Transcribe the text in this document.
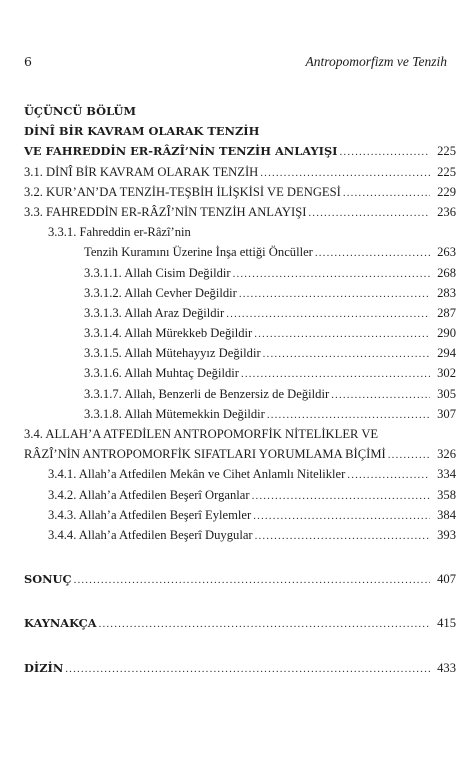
6	Antropomorfizm ve Tenzih
ÜÇÜNCÜ BÖLÜM
DİNÎ BİR KAVRAM OLARAK TENZİH
VE FAHREDDİN ER-RÂZÎ’NİN TENZİH ANLAYIŞI . . .	225
3.1. DİNÎ BİR KAVRAM OLARAK TENZİH . . .	225
3.2. KUR’AN’DA TENZİH-TEŞBİH İLİŞKİSİ VE DENGESİ . . .	229
3.3. FAHREDDİN ER-RÂZÎ’NİN TENZİH ANLAYIŞI . . .	236
3.3.1. Fahreddin er-Râzî’nin
Tenzih Kuramını Üzerine İnşa ettiği Öncüller . . .	263
3.3.1.1. Allah Cisim Değildir . . .	268
3.3.1.2. Allah Cevher Değildir . . .	283
3.3.1.3. Allah Araz Değildir . . .	287
3.3.1.4. Allah Mürekkeb Değildir . . .	290
3.3.1.5. Allah Mütehayyız Değildir . . .	294
3.3.1.6. Allah Muhtaç Değildir . . .	302
3.3.1.7. Allah, Benzerli de Benzersiz de Değildir . . .	305
3.3.1.8. Allah Mütemekkin Değildir . . .	307
3.4. ALLAH’A ATFEDİLEN ANTROPOMORFİK NİTELİKLER VE
RÂZÎ’NİN ANTROPOMORFİK SIFATLARI YORUMLAMA BİÇİMİ . . .	326
3.4.1. Allah’a Atfedilen Mekân ve Cihet Anlamlı Nitelikler . . .	334
3.4.2. Allah’a Atfedilen Beşerî Organlar . . .	358
3.4.3. Allah’a Atfedilen Beşerî Eylemler . . .	384
3.4.4. Allah’a Atfedilen Beşerî Duygular . . .	393
SONUÇ . . .	407
KAYNAKÇA . . .	415
DİZİN . . .	433
